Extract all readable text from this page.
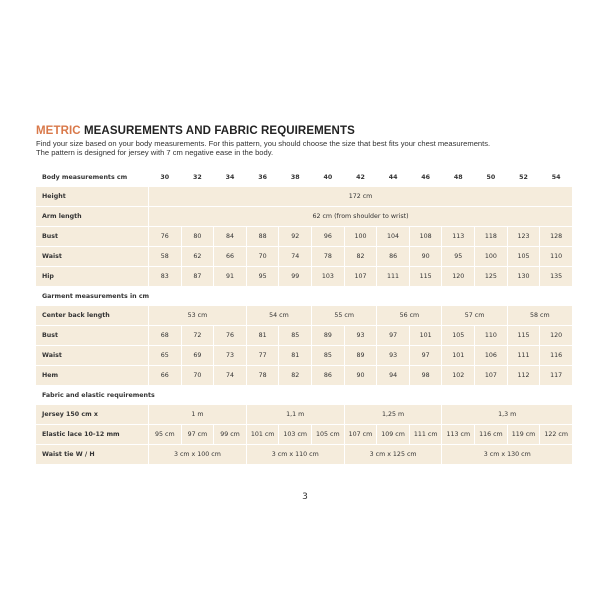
METRIC MEASUREMENTS AND FABRIC REQUIREMENTS

Find your size based on your body measurements. For this pattern, you should choose the size that best fits your chest measurements.

The pattern is designed for jersey with 7 cm negative ease in the body.

Body measurements cm	30	32	34	36	38	40	42	44	46	48	50	52	54
Height	172 cm												
Arm length	62 cm (from shoulder to wrist)												
Bust	76	80	84	88	92	96	100	104	108	113	118	123	128
Waist	58	62	66	70	74	78	82	86	90	95	100	105	110
Hip	83	87	91	95	99	103	107	111	115	120	125	130	135
Garment measurements in cm													
Center back length	53 cm			54 cm		55 cm		56 cm		57 cm		58 cm	
Bust	68	72	76	81	85	89	93	97	101	105	110	115	120
Waist	65	69	73	77	81	85	89	93	97	101	106	111	116
Hem	66	70	74	78	82	86	90	94	98	102	107	112	117
Fabric and elastic requirements													
Jersey 150 cm x	1 m			1,1 m			1,25 m			1,3 m			
Elastic lace 10-12 mm	95 cm	97 cm	99 cm	101 cm	103 cm	105 cm	107 cm	109 cm	111 cm	113 cm	116 cm	119 cm	122 cm
Waist tie W / H	3 cm x 100 cm			3 cm x 110 cm			3 cm x 125 cm			3 cm x 130 cm			
3
